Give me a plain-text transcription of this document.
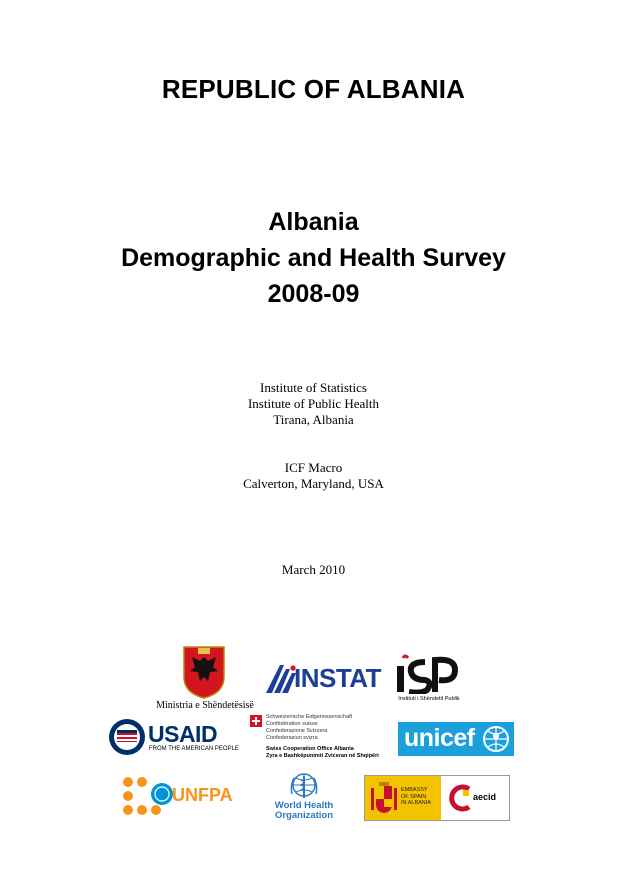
REPUBLIC OF ALBANIA
Albania
Demographic and Health Survey
2008-09
Institute of Statistics
Institute of Public Health
Tirana, Albania
ICF Macro
Calverton, Maryland, USA
March 2010
Ministria e Shëndetësisë
INSTAT
Instituti i Shëndetit Publik
USAID
FROM THE AMERICAN PEOPLE
Schweizerische Eidgenossenschaft
Confédération suisse
Confederazione Svizzera
Confederaziun svizra
Swiss Cooperation Office Albania
Zyra e Bashkëpunimit Zviceran në Shqipëri
unicef
UNFPA
World Health
Organization
EMBASSY
OF SPAIN
IN ALBANIA
aecid
